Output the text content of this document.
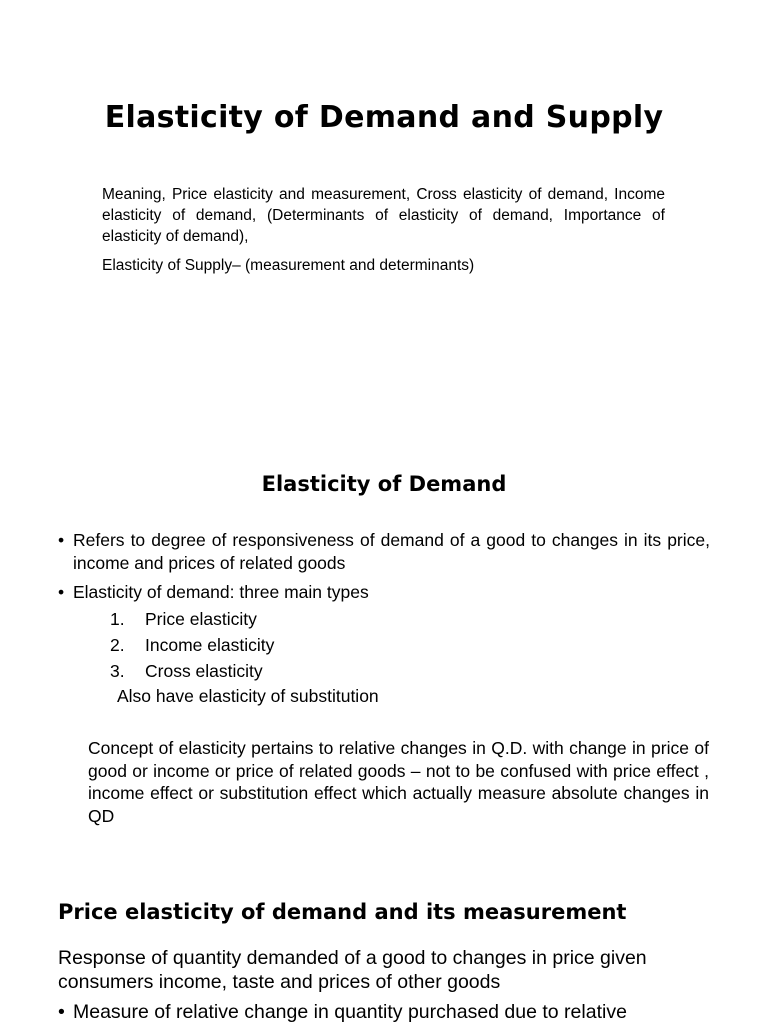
Elasticity of Demand and Supply
Meaning, Price elasticity and measurement, Cross elasticity of demand, Income elasticity of demand, (Determinants of elasticity of demand, Importance of elasticity of demand),
Elasticity of Supply– (measurement and determinants)
Elasticity of Demand
• Refers to degree of responsiveness of demand of a good to changes in its price, income and prices of related goods
• Elasticity of demand: three main types
1. Price elasticity
2. Income elasticity
3. Cross elasticity
Also have elasticity of substitution
Concept of elasticity pertains to relative changes in Q.D. with change in price of good or income or price of related goods – not to be confused with price effect , income effect or substitution effect which actually measure absolute changes in QD
Price elasticity of demand and its measurement
Response of quantity demanded of a good to changes in price given consumers income, taste and prices of other goods
• Measure of relative change in quantity purchased due to relative
